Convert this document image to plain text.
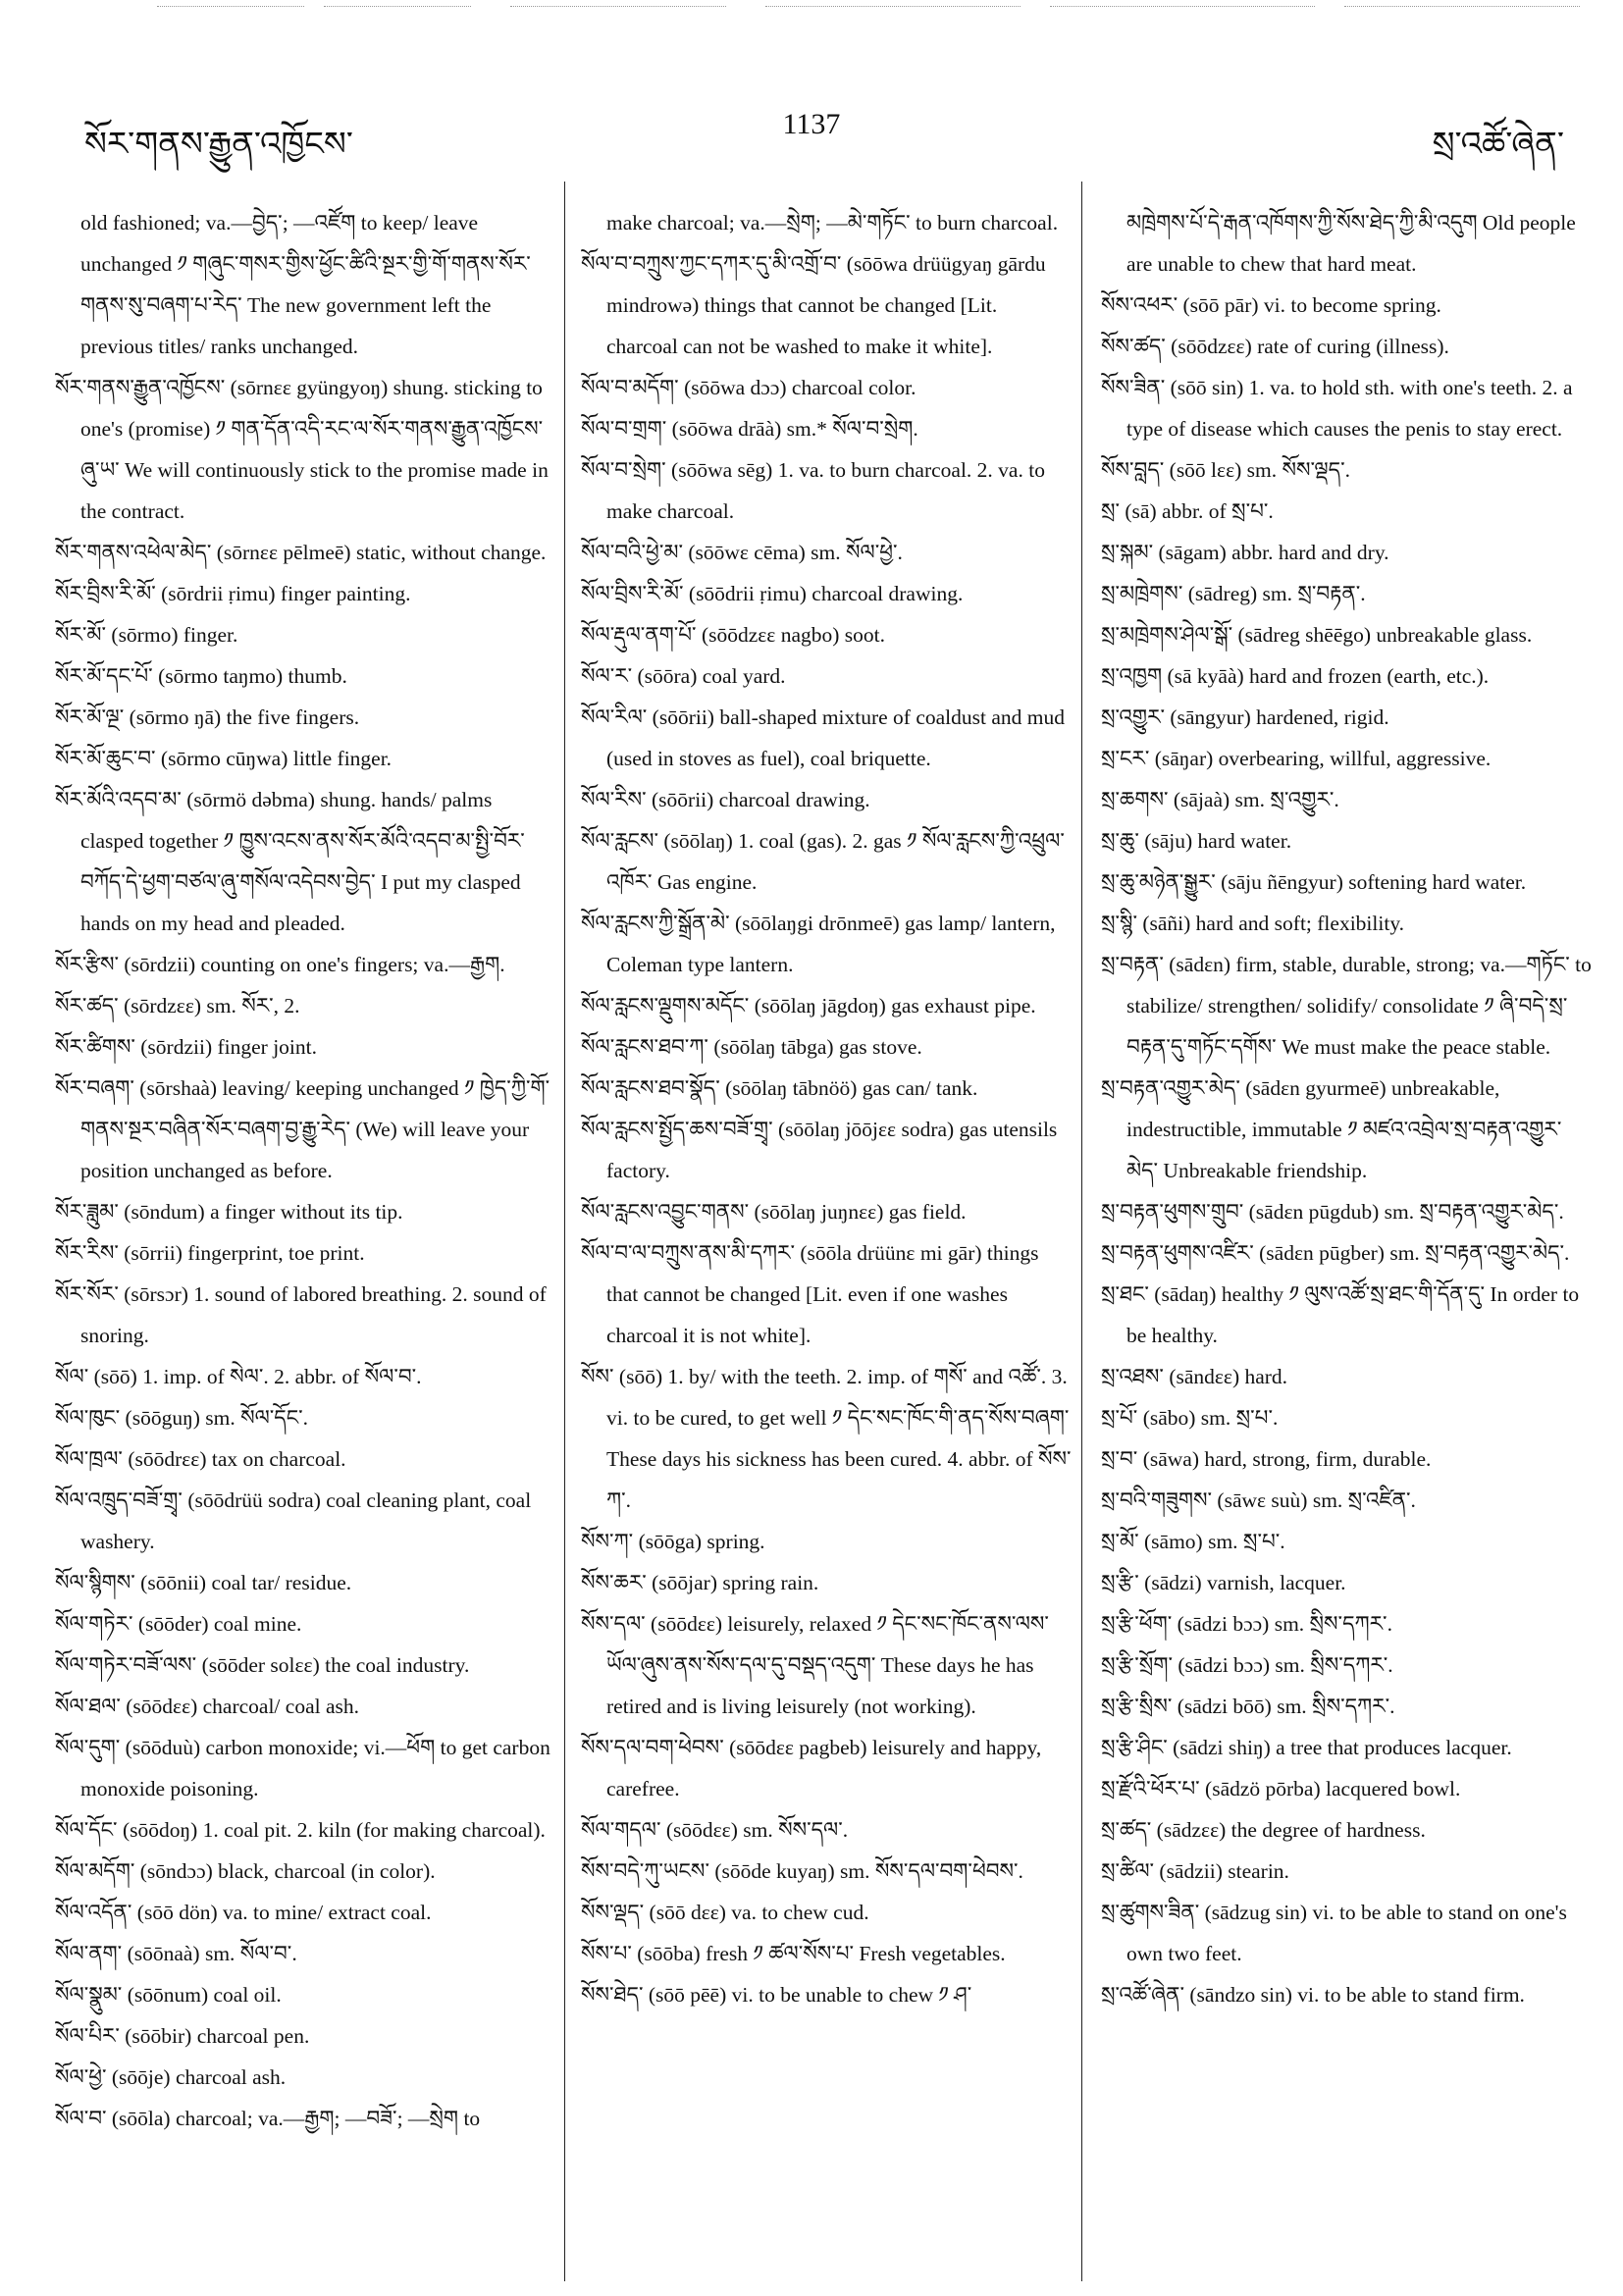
སོར་གནས་རྒྱུན་འཁྱོངས་
1137
སྲ་འཚོ་ཞེན་

old fashioned; va.—བྱེད་; —འཛོག to keep/ leave unchanged ༡ གཞུང་གསར་གྱིས་ཕྱོང་ཚིའི་སྔར་གྱི་གོ་གནས་སོར་གནས་སུ་བཞག་པ་རེད་ The new government left the previous titles/ ranks unchanged.

སོར་གནས་རྒྱུན་འཁྱོངས་ (sōrnεε gyüngyoŋ) shung. sticking to one's (promise) ༡ གན་དོན་འདི་རང་ལ་སོར་གནས་རྒྱུན་འཁྱོངས་ཞུ་ཡ་ We will continuously stick to the promise made in the contract.

སོར་གནས་འཕེལ་མེད་ (sōrnεε pēlmeē) static, without change.

སོར་བྲིས་རི་མོ་ (sōrdrii ṛimu) finger painting.

སོར་མོ་ (sōrmo) finger.

སོར་མོ་དང་པོ་ (sōrmo taŋmo) thumb.

སོར་མོ་ལྔ་ (sōrmo ŋā) the five fingers.

སོར་མོ་ཆུང་བ་ (sōrmo cūŋwa) little finger.

སོར་མོའི་འདབ་མ་ (sōrmö dəbma) shung. hands/ palms clasped together ༡ ཁྱུས་འངས་ནས་སོར་མོའི་འདབ་མ་སྤྱི་བོར་བཀོད་དེ་ཕྱག་བཙལ་ཞུ་གསོལ་འདེབས་བྱེད་ I put my clasped hands on my head and pleaded.

སོར་རྩིས་ (sōrdzii) counting on one's fingers; va.—རྒྱག.

སོར་ཚད་ (sōrdzεε) sm. སོར་, 2.

སོར་ཚིགས་ (sōrdzii) finger joint.

སོར་བཞག་ (sōrshaà) leaving/ keeping unchanged ༡ ཁྱེད་ཀྱི་གོ་གནས་སྔར་བཞིན་སོར་བཞག་བྱ་རྒྱུ་རེད་ (We) will leave your position unchanged as before.

སོར་ཟླུམ་ (sōndum) a finger without its tip.

སོར་རིས་ (sōrrii) fingerprint, toe print.

སོར་སོར་ (sōrsɔr) 1. sound of labored breathing. 2. sound of snoring.

སོལ་ (sōō) 1. imp. of སེལ་. 2. abbr. of སོལ་བ་.

སོལ་ཁུང་ (sōōguŋ) sm. སོལ་དོང་.

སོལ་ཁྲལ་ (sōōdrεε) tax on charcoal.

སོལ་འཁྲུད་བཟོ་གྲྭ་ (sōōdrüü sodra) coal cleaning plant, coal washery.

སོལ་སྙིགས་ (sōōnii) coal tar/ residue.

སོལ་གཏེར་ (sōōder) coal mine.

སོལ་གཏེར་བཟོ་ལས་ (sōōder solεε) the coal industry.

སོལ་ཐལ་ (sōōdεε) charcoal/ coal ash.

སོལ་དུག་ (sōōduù) carbon monoxide; vi.—ཕོག to get carbon monoxide poisoning.

སོལ་དོང་ (sōōdoŋ) 1. coal pit. 2. kiln (for making charcoal).

སོལ་མདོག་ (sōndɔɔ) black, charcoal (in color).

སོལ་འདོན་ (sōō dön) va. to mine/ extract coal.

སོལ་ནག་ (sōōnaà) sm. སོལ་བ་.

སོལ་སྣུམ་ (sōōnum) coal oil.

སོལ་པིར་ (sōōbir) charcoal pen.

སོལ་ཕྱེ་ (sōōje) charcoal ash.

སོལ་བ་ (sōōla) charcoal; va.—རྒྱག; —བཟོ་; —སྲེག to

make charcoal; va.—སྲེག; —མེ་གཏོང་ to burn charcoal.

སོལ་བ་བཀྲུས་ཀྱང་དཀར་དུ་མི་འགྲོ་བ་ (sōōwa drüügyaŋ gārdu mindrowə) things that cannot be changed [Lit. charcoal can not be washed to make it white].

སོལ་བ་མདོག་ (sōōwa dɔɔ) charcoal color.

སོལ་བ་གྲག་ (sōōwa drāà) sm.* སོལ་བ་སྲེག.

སོལ་བ་སྲེག་ (sōōwa sēg) 1. va. to burn charcoal. 2. va. to make charcoal.

སོལ་བའི་ཕྱེ་མ་ (sōōwε cēma) sm. སོལ་ཕྱེ་.

སོལ་བྲིས་རི་མོ་ (sōōdrii ṛimu) charcoal drawing.

སོལ་རྡུལ་ནག་པོ་ (sōōdzεε nagbo) soot.

སོལ་ར་ (sōōra) coal yard.

སོལ་རིལ་ (sōōrii) ball-shaped mixture of coaldust and mud (used in stoves as fuel), coal briquette.

སོལ་རིས་ (sōōrii) charcoal drawing.

སོལ་རླངས་ (sōōlaŋ) 1. coal (gas). 2. gas ༡ སོལ་རླངས་ཀྱི་འཕྲུལ་འཁོར་ Gas engine.

སོལ་རླངས་ཀྱི་སྒྲོན་མེ་ (sōōlaŋgi drōnmeē) gas lamp/ lantern, Coleman type lantern.

སོལ་རླངས་ལྡུགས་མདོང་ (sōōlaŋ jāgdoŋ) gas exhaust pipe.

སོལ་རླངས་ཐབ་ཀ་ (sōōlaŋ tābga) gas stove.

སོལ་རླངས་ཐབ་སྣོད་ (sōōlaŋ tābnöö) gas can/ tank.

སོལ་རླངས་སྤྱོད་ཆས་བཟོ་གྲྭ་ (sōōlaŋ jōōjεε sodra) gas utensils factory.

སོལ་རླངས་འབྱུང་གནས་ (sōōlaŋ juŋnεε) gas field.

སོལ་བ་ལ་བཀྲུས་ནས་མི་དཀར་ (sōōla drüünε mi gār) things that cannot be changed [Lit. even if one washes charcoal it is not white].

སོས་ (sōō) 1. by/ with the teeth. 2. imp. of གསོ་ and འཚོ་. 3. vi. to be cured, to get well ༡ དེང་སང་ཁོང་གི་ནད་སོས་བཞག་ These days his sickness has been cured. 4. abbr. of སོས་ཀ་.

སོས་ཀ་ (sōōga) spring.

སོས་ཆར་ (sōōjar) spring rain.

སོས་དལ་ (sōōdεε) leisurely, relaxed ༡ དེང་སང་ཁོང་ནས་ལས་ཡོལ་ཞུས་ནས་སོས་དལ་དུ་བསྡད་འདུག་ These days he has retired and is living leisurely (not working).

སོས་དལ་བག་ཕེབས་ (sōōdεε pagbeb) leisurely and happy, carefree.

སོལ་གདལ་ (sōōdεε) sm. སོས་དལ་.

སོས་བདེ་ཀུ་ཡངས་ (sōōde kuyaŋ) sm. སོས་དལ་བག་ཕེབས་.

སོས་ལྡད་ (sōō dεε) va. to chew cud.

སོས་པ་ (sōōba) fresh ༡ ཚལ་སོས་པ་ Fresh vegetables.

སོས་ཐེད་ (sōō pēē) vi. to be unable to chew ༡ ཤ་

མཁྲེགས་པོ་དེ་རྒན་འཁོགས་ཀྱི་སོས་ཐེད་ཀྱི་མི་འདུག Old people are unable to chew that hard meat.

སོས་འཕར་ (sōō pār) vi. to become spring.

སོས་ཚད་ (sōōdzεε) rate of curing (illness).

སོས་ཟིན་ (sōō sin) 1. va. to hold sth. with one's teeth. 2. a type of disease which causes the penis to stay erect.

སོས་བླད་ (sōō lεε) sm. སོས་ལྡད་.

སྲ་ (sā) abbr. of སྲ་པ་.

སྲ་སྐམ་ (sāgam) abbr. hard and dry.

སྲ་མཁྲེགས་ (sādreg) sm. སྲ་བརྟན་.

སྲ་མཁྲེགས་ཤེལ་སྒོ་ (sādreg shēēgo) unbreakable glass.

སྲ་འཁྱག (sā kyāà) hard and frozen (earth, etc.).

སྲ་འགྱུར་ (sāngyur) hardened, rigid.

སྲ་ངར་ (sāŋar) overbearing, willful, aggressive.

སྲ་ཆགས་ (sājaà) sm. སྲ་འགྱུར་.

སྲ་ཆུ་ (sāju) hard water.

སྲ་ཆུ་མཉེན་སྒྱུར་ (sāju ñēngyur) softening hard water.

སྲ་སྙི་ (sāñi) hard and soft; flexibility.

སྲ་བརྟན་ (sādεn) firm, stable, durable, strong; va.—གཏོང་ to stabilize/ strengthen/ solidify/ consolidate ༡ ཞི་བདེ་སྲ་བརྟན་དུ་གཏོང་དགོས་ We must make the peace stable.

སྲ་བརྟན་འགྱུར་མེད་ (sādεn gyurmeē) unbreakable, indestructible, immutable ༡ མཛའ་འབྲེལ་སྲ་བརྟན་འགྱུར་མེད་ Unbreakable friendship.

སྲ་བརྟན་ཕུགས་གྲུབ་ (sādεn pūgdub) sm. སྲ་བརྟན་འགྱུར་མེད་.

སྲ་བརྟན་ཕུགས་འཛིར་ (sādεn pūgber) sm. སྲ་བརྟན་འགྱུར་མེད་.

སྲ་ཐང་ (sādaŋ) healthy ༡ ལུས་འཚོ་སྲ་ཐང་གི་དོན་དུ་ In order to be healthy.

སྲ་འཐས་ (sāndεε) hard.

སྲ་པོ་ (sābo) sm. སྲ་པ་.

སྲ་བ་ (sāwa) hard, strong, firm, durable.

སྲ་བའི་གཟུགས་ (sāwε suù) sm. སྲ་འཛིན་.

སྲ་མོ་ (sāmo) sm. སྲ་པ་.

སྲ་རྩི་ (sādzi) varnish, lacquer.

སྲ་རྩི་ཕོག་ (sādzi bɔɔ) sm. སྲིས་དཀར་.

སྲ་རྩི་སྲོག་ (sādzi bɔɔ) sm. སྲིས་དཀར་.

སྲ་རྩི་སྲིས་ (sādzi bōō) sm. སྲིས་དཀར་.

སྲ་རྩི་ཤིང་ (sādzi shiŋ) a tree that produces lacquer.

སྲ་རྫོའི་ཕོར་པ་ (sādzö pōrba) lacquered bowl.

སྲ་ཚད་ (sādzεε) the degree of hardness.

སྲ་ཚིལ་ (sādzii) stearin.

སྲ་ཚུགས་ཟིན་ (sādzug sin) vi. to be able to stand on one's own two feet.

སྲ་འཚོ་ཞེན་ (sāndzo sin) vi. to be able to stand firm.
